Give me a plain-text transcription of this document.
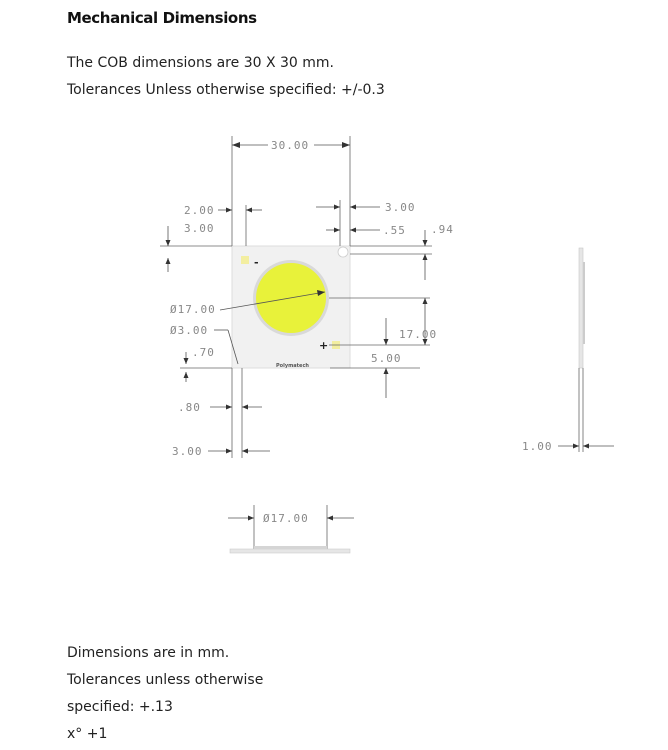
Mechanical Dimensions

The COB dimensions are 30 X 30 mm.

Tolerances Unless otherwise specified: +/-0.3

-
+
Polymatech
30.00
2.00
3.00
Ø17.00
Ø3.00
.70
.80
3.00
3.00
.55 .94
17.00
5.00
1.00
Ø17.00

Dimensions are in mm.

Tolerances unless otherwise

specified: +.13

x° +1
